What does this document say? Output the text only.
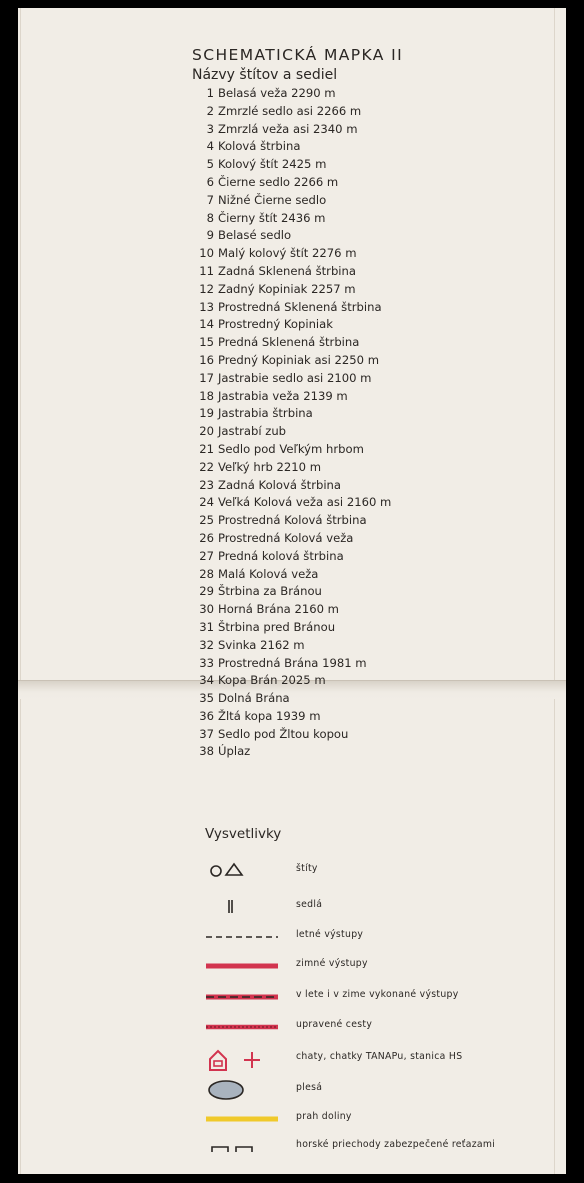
SCHEMATICKÁ MAPKA II
Názvy štítov a sediel
1 Belasá veža 2290 m
2 Zmrzlé sedlo asi 2266 m
3 Zmrzlá veža asi 2340 m
4 Kolová štrbina
5 Kolový štít 2425 m
6 Čierne sedlo 2266 m
7 Nižné Čierne sedlo
8 Čierny štít 2436 m
9 Belasé sedlo
10 Malý kolový štít 2276 m
11 Zadná Sklenená štrbina
12 Zadný Kopiniak 2257 m
13 Prostredná Sklenená štrbina
14 Prostredný Kopiniak
15 Predná Sklenená štrbina
16 Predný Kopiniak asi 2250 m
17 Jastrabie sedlo asi 2100 m
18 Jastrabia veža 2139 m
19 Jastrabia štrbina
20 Jastrabí zub
21 Sedlo pod Veľkým hrbom
22 Veľký hrb 2210 m
23 Zadná Kolová štrbina
24 Veľká Kolová veža asi 2160 m
25 Prostredná Kolová štrbina
26 Prostredná Kolová veža
27 Predná kolová štrbina
28 Malá Kolová veža
29 Štrbina za Bránou
30 Horná Brána 2160 m
31 Štrbina pred Bránou
32 Svinka 2162 m
33 Prostredná Brána 1981 m
34 Kopa Brán 2025 m
35 Dolná Brána
36 Žltá kopa 1939 m
37 Sedlo pod Žltou kopou
38 Úplaz
Vysvetlivky
štíty
sedlá
letné výstupy
zimné výstupy
v lete i v zime vykonané výstupy
upravené cesty
chaty, chatky TANAPu, stanica HS
plesá
prah doliny
horské priechody zabezpečené reťazami
